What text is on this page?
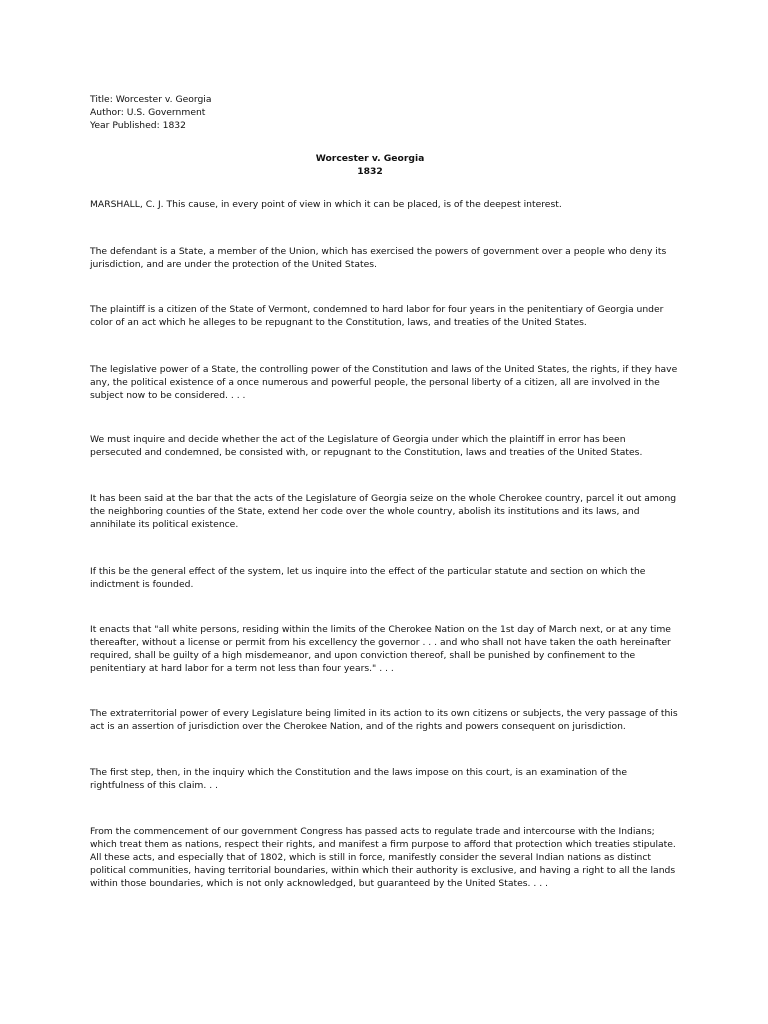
Title: Worcester v. Georgia
Author: U.S. Government
Year Published: 1832
Worcester v. Georgia
1832

MARSHALL, C. J. This cause, in every point of view in which it can be placed, is of the deepest interest.

The defendant is a State, a member of the Union, which has exercised the powers of government over a people who deny its jurisdiction, and are under the protection of the United States.

The plaintiff is a citizen of the State of Vermont, condemned to hard labor for four years in the penitentiary of Georgia under color of an act which he alleges to be repugnant to the Constitution, laws, and treaties of the United States.

The legislative power of a State, the controlling power of the Constitution and laws of the United States, the rights, if they have any, the political existence of a once numerous and powerful people, the personal liberty of a citizen, all are involved in the subject now to be considered. . . .

We must inquire and decide whether the act of the Legislature of Georgia under which the plaintiff in error has been persecuted and condemned, be consisted with, or repugnant to the Constitution, laws and treaties of the United States.

It has been said at the bar that the acts of the Legislature of Georgia seize on the whole Cherokee country, parcel it out among the neighboring counties of the State, extend her code over the whole country, abolish its institutions and its laws, and annihilate its political existence.

If this be the general effect of the system, let us inquire into the effect of the particular statute and section on which the indictment is founded.

It enacts that "all white persons, residing within the limits of the Cherokee Nation on the 1st day of March next, or at any time thereafter, without a license or permit from his excellency the governor . . . and who shall not have taken the oath hereinafter required, shall be guilty of a high misdemeanor, and upon conviction thereof, shall be punished by confinement to the penitentiary at hard labor for a term not less than four years." . . .

The extraterritorial power of every Legislature being limited in its action to its own citizens or subjects, the very passage of this act is an assertion of jurisdiction over the Cherokee Nation, and of the rights and powers consequent on jurisdiction.

The first step, then, in the inquiry which the Constitution and the laws impose on this court, is an examination of the rightfulness of this claim. . .

From the commencement of our government Congress has passed acts to regulate trade and intercourse with the Indians; which treat them as nations, respect their rights, and manifest a firm purpose to afford that protection which treaties stipulate. All these acts, and especially that of 1802, which is still in force, manifestly consider the several Indian nations as distinct political communities, having territorial boundaries, within which their authority is exclusive, and having a right to all the lands within those boundaries, which is not only acknowledged, but guaranteed by the United States. . . .
